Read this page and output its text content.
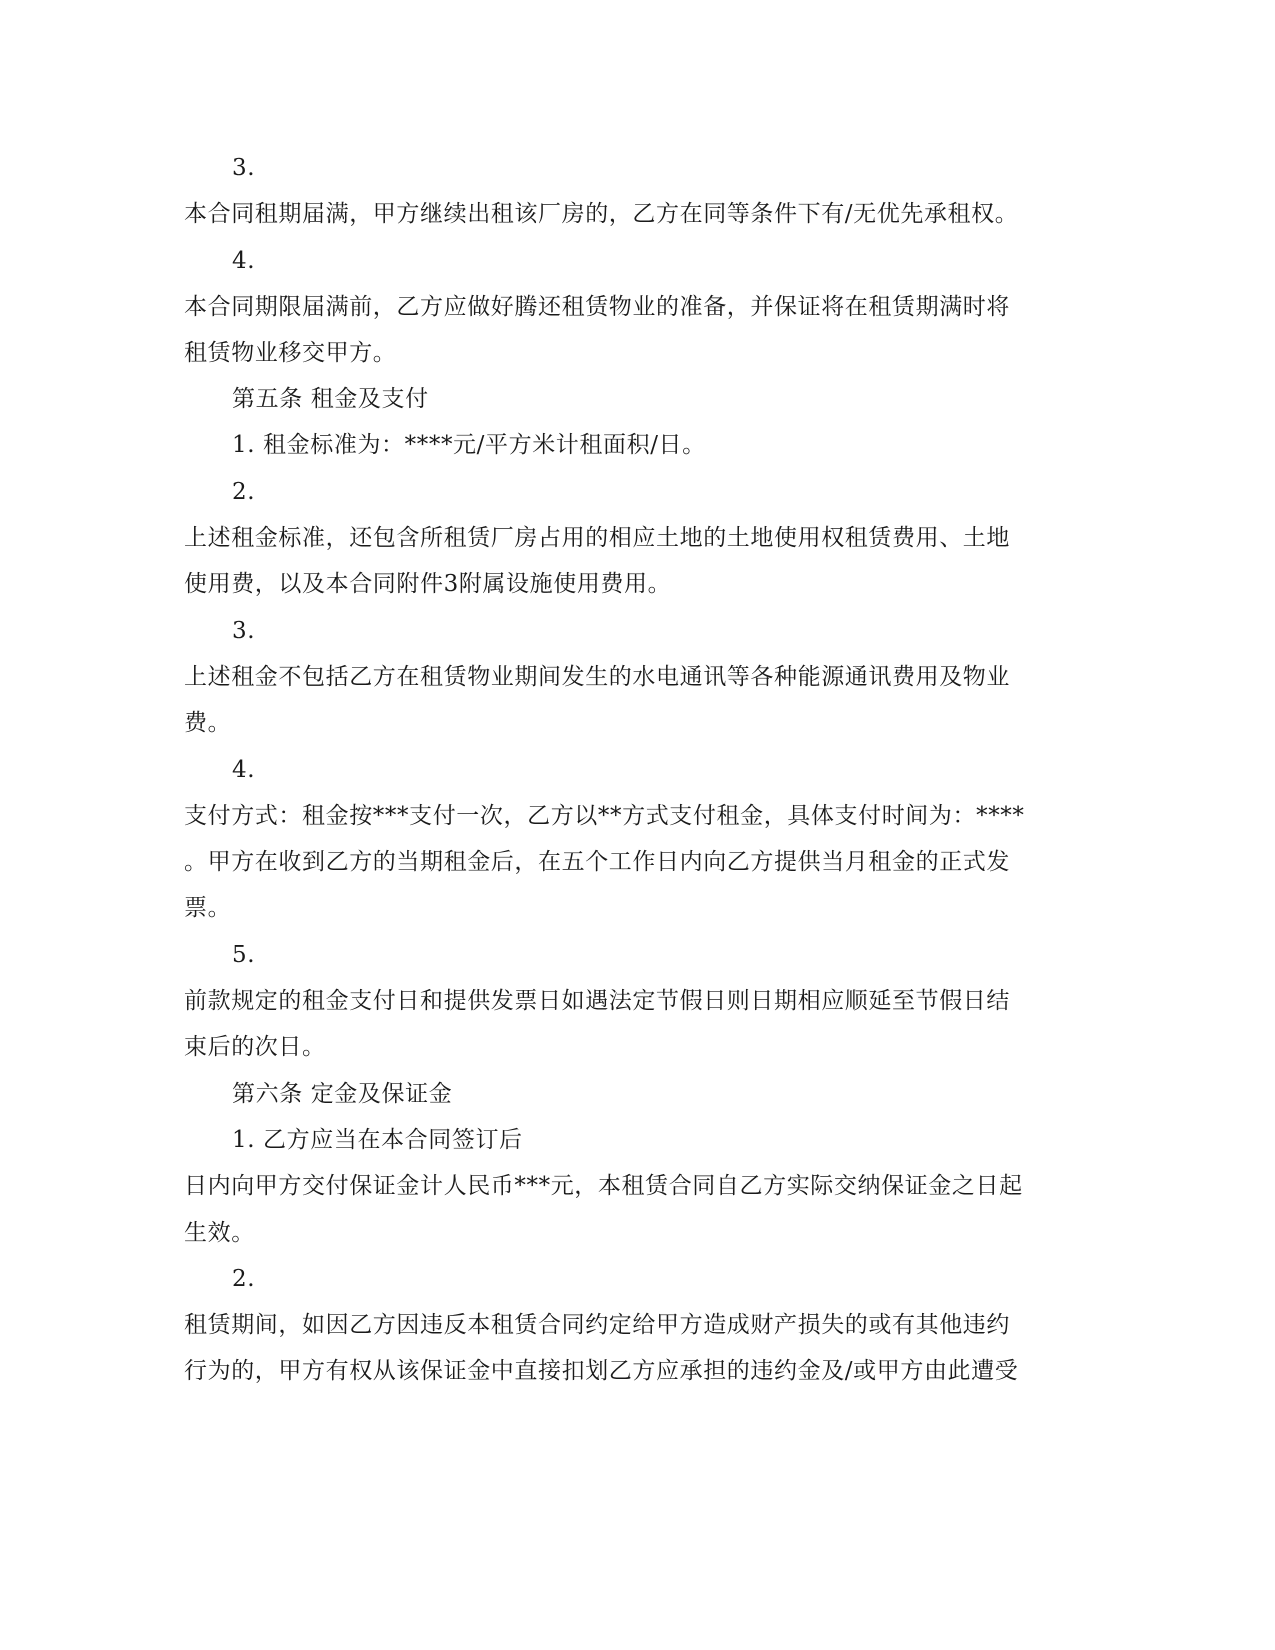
3.
本合同租期届满，甲方继续出租该厂房的，乙方在同等条件下有/无优先承租权。
4.
本合同期限届满前，乙方应做好腾还租赁物业的准备，并保证将在租赁期满时将
租赁物业移交甲方。
第五条 租金及支付
1. 租金标准为：****元/平方米计租面积/日。
2.
上述租金标准，还包含所租赁厂房占用的相应土地的土地使用权租赁费用、土地
使用费，以及本合同附件3附属设施使用费用。
3.
上述租金不包括乙方在租赁物业期间发生的水电通讯等各种能源通讯费用及物业
费。
4.
支付方式：租金按***支付一次，乙方以**方式支付租金，具体支付时间为：****
。甲方在收到乙方的当期租金后，在五个工作日内向乙方提供当月租金的正式发
票。
5.
前款规定的租金支付日和提供发票日如遇法定节假日则日期相应顺延至节假日结
束后的次日。
第六条 定金及保证金
1. 乙方应当在本合同签订后
日内向甲方交付保证金计人民币***元，本租赁合同自乙方实际交纳保证金之日起
生效。
2.
租赁期间，如因乙方因违反本租赁合同约定给甲方造成财产损失的或有其他违约
行为的，甲方有权从该保证金中直接扣划乙方应承担的违约金及/或甲方由此遭受
